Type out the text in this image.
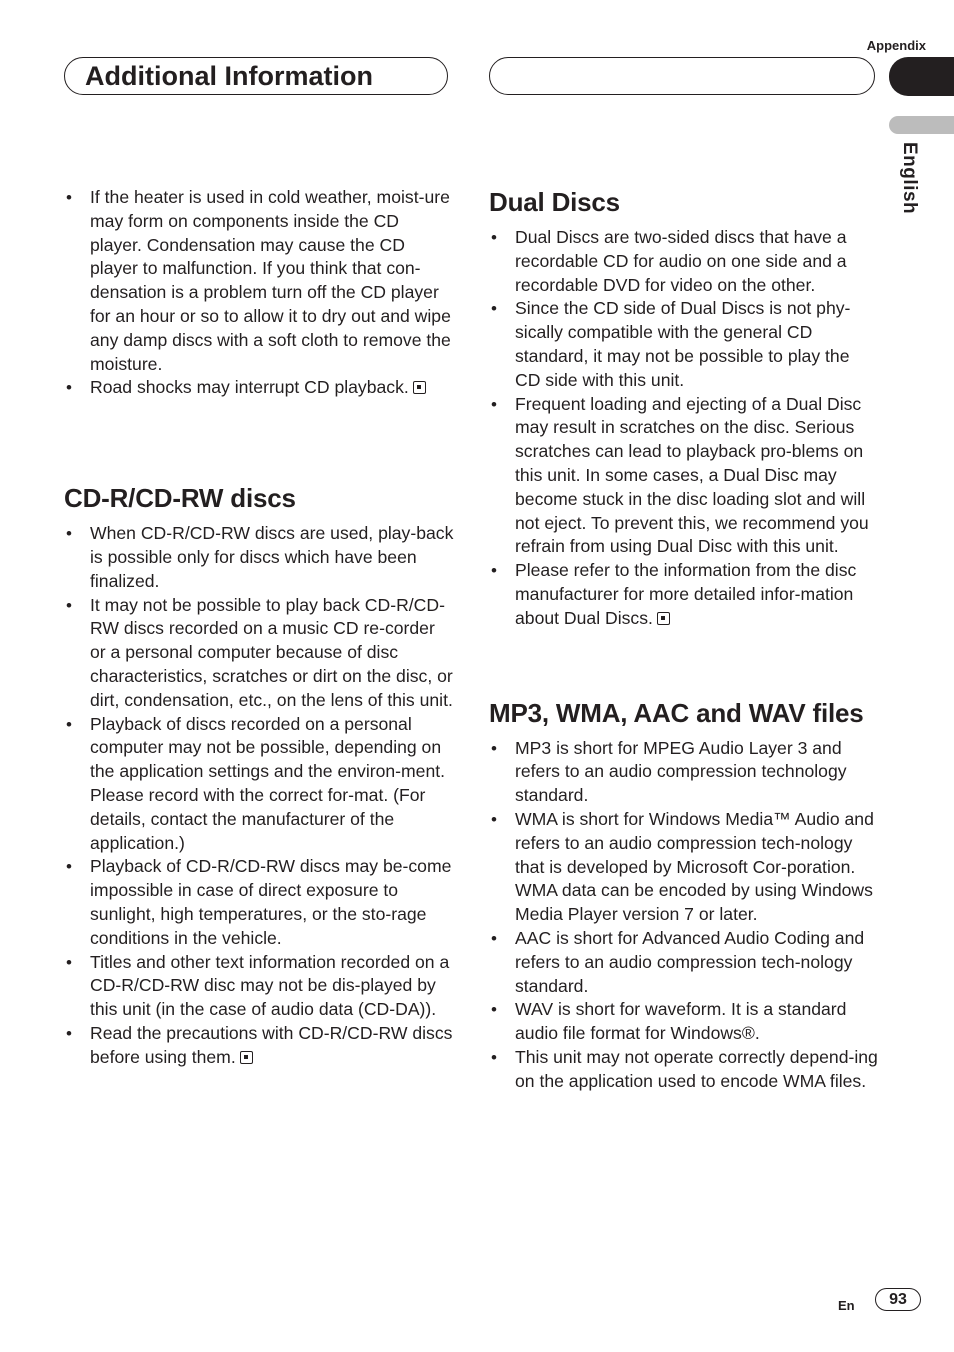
Appendix
Additional Information
English
• If the heater is used in cold weather, moist-ure may form on components inside the CD player. Condensation may cause the CD player to malfunction. If you think that con-densation is a problem turn off the CD player for an hour or so to allow it to dry out and wipe any damp discs with a soft cloth to remove the moisture.
• Road shocks may interrupt CD playback.
CD-R/CD-RW discs
• When CD-R/CD-RW discs are used, play-back is possible only for discs which have been finalized.
• It may not be possible to play back CD-R/CD-RW discs recorded on a music CD re-corder or a personal computer because of disc characteristics, scratches or dirt on the disc, or dirt, condensation, etc., on the lens of this unit.
• Playback of discs recorded on a personal computer may not be possible, depending on the application settings and the environ-ment. Please record with the correct for-mat. (For details, contact the manufacturer of the application.)
• Playback of CD-R/CD-RW discs may be-come impossible in case of direct exposure to sunlight, high temperatures, or the sto-rage conditions in the vehicle.
• Titles and other text information recorded on a CD-R/CD-RW disc may not be dis-played by this unit (in the case of audio data (CD-DA)).
• Read the precautions with CD-R/CD-RW discs before using them.
Dual Discs
• Dual Discs are two-sided discs that have a recordable CD for audio on one side and a recordable DVD for video on the other.
• Since the CD side of Dual Discs is not phy-sically compatible with the general CD standard, it may not be possible to play the CD side with this unit.
• Frequent loading and ejecting of a Dual Disc may result in scratches on the disc. Serious scratches can lead to playback pro-blems on this unit. In some cases, a Dual Disc may become stuck in the disc loading slot and will not eject. To prevent this, we recommend you refrain from using Dual Disc with this unit.
• Please refer to the information from the disc manufacturer for more detailed infor-mation about Dual Discs.
MP3, WMA, AAC and WAV files
• MP3 is short for MPEG Audio Layer 3 and refers to an audio compression technology standard.
• WMA is short for Windows Media™ Audio and refers to an audio compression tech-nology that is developed by Microsoft Cor-poration. WMA data can be encoded by using Windows Media Player version 7 or later.
• AAC is short for Advanced Audio Coding and refers to an audio compression tech-nology standard.
• WAV is short for waveform. It is a standard audio file format for Windows®.
• This unit may not operate correctly depend-ing on the application used to encode WMA files.
En	93
